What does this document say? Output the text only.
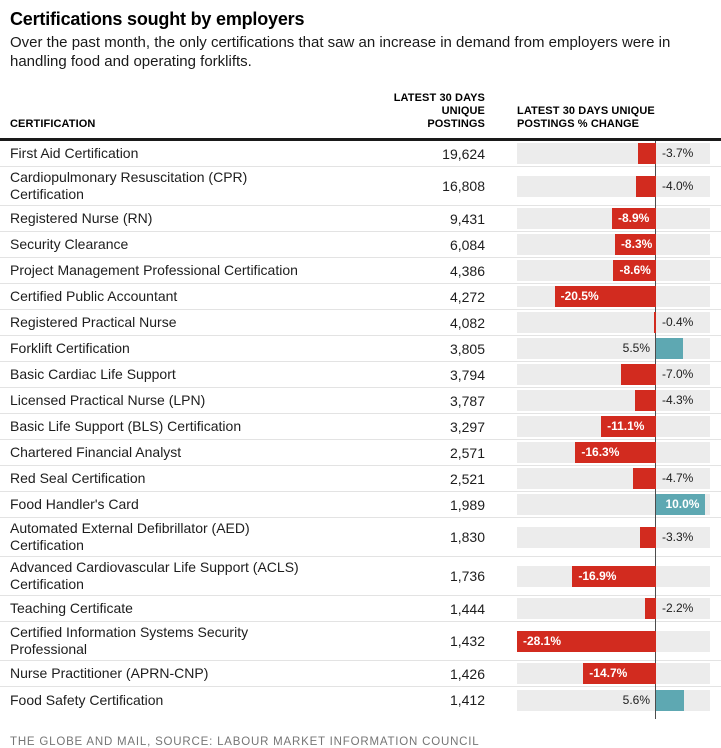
Certifications sought by employers
Over the past month, the only certifications that saw an increase in demand from employers were in handling food and operating forklifts.
CERTIFICATION
LATEST 30 DAYS UNIQUE
POSTINGS
LATEST 30 DAYS UNIQUE
POSTINGS % CHANGE
First Aid Certification	19,624	-3.7%
Cardiopulmonary Resuscitation (CPR)
Certification	16,808	-4.0%
Registered Nurse (RN)	9,431	-8.9%
Security Clearance	6,084	-8.3%
Project Management Professional Certification	4,386	-8.6%
Certified Public Accountant	4,272	-20.5%
Registered Practical Nurse	4,082	-0.4%
Forklift Certification	3,805	5.5%
Basic Cardiac Life Support	3,794	-7.0%
Licensed Practical Nurse (LPN)	3,787	-4.3%
Basic Life Support (BLS) Certification	3,297	-11.1%
Chartered Financial Analyst	2,571	-16.3%
Red Seal Certification	2,521	-4.7%
Food Handler's Card	1,989	10.0%
Automated External Defibrillator (AED)
Certification	1,830	-3.3%
Advanced Cardiovascular Life Support (ACLS)
Certification	1,736	-16.9%
Teaching Certificate	1,444	-2.2%
Certified Information Systems Security
Professional	1,432	-28.1%
Nurse Practitioner (APRN-CNP)	1,426	-14.7%
Food Safety Certification	1,412	5.6%
THE GLOBE AND MAIL, SOURCE: LABOUR MARKET INFORMATION COUNCIL
